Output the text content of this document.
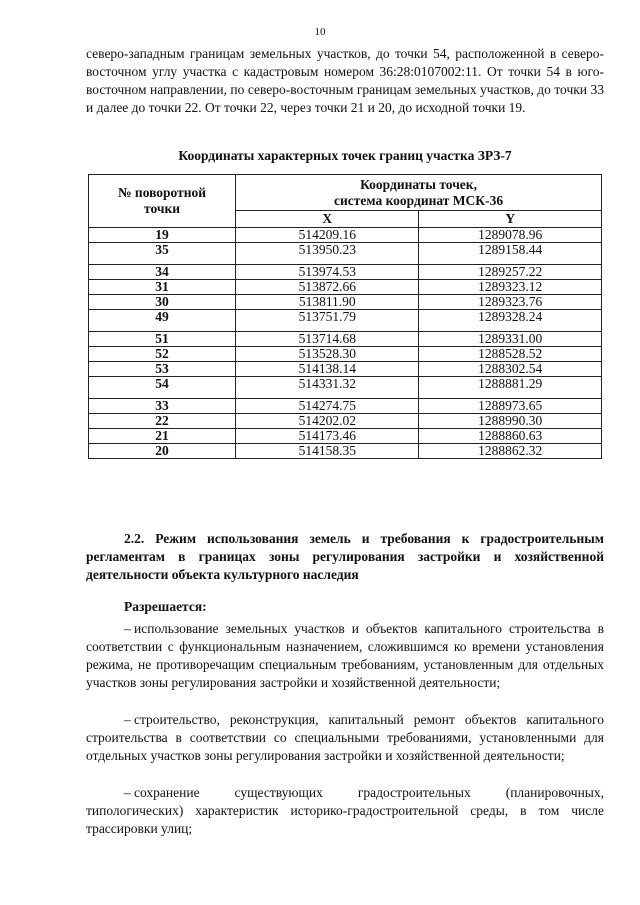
10

северо-западным границам земельных участков, до точки 54, расположенной в северо-восточном углу участка с кадастровым номером 36:28:0107002:11. От точки 54 в юго-восточном направлении, по северо-восточным границам земельных участков, до точки 33 и далее до точки 22. От точки 22, через точки 21 и 20, до исходной точки 19.

Координаты характерных точек границ участка ЗРЗ-7
№ поворотной
точки	Координаты точек,
система координат МСК-36	
	X	Y
19	514209.16	1289078.96
35	513950.23	1289158.44
34	513974.53	1289257.22
31	513872.66	1289323.12
30	513811.90	1289323.76
49	513751.79	1289328.24
51	513714.68	1289331.00
52	513528.30	1288528.52
53	514138.14	1288302.54
54	514331.32	1288881.29
33	514274.75	1288973.65
22	514202.02	1288990.30
21	514173.46	1288860.63
20	514158.35	1288862.32
2.2. Режим использования земель и требования к градостроительным регламентам в границах зоны регулирования застройки и хозяйственной деятельности объекта культурного наследия
Разрешается:
– использование земельных участков и объектов капитального строительства в соответствии с функциональным назначением, сложившимся ко времени установления режима, не противоречащим специальным требованиям, установленным для отдельных участков зоны регулирования застройки и хозяйственной деятельности;
– строительство, реконструкция, капитальный ремонт объектов капитального строительства в соответствии со специальными требованиями, установленными для отдельных участков зоны регулирования застройки и хозяйственной деятельности;
– сохранение существующих градостроительных (планировочных, типологических) характеристик историко-градостроительной среды, в том числе трассировки улиц;
